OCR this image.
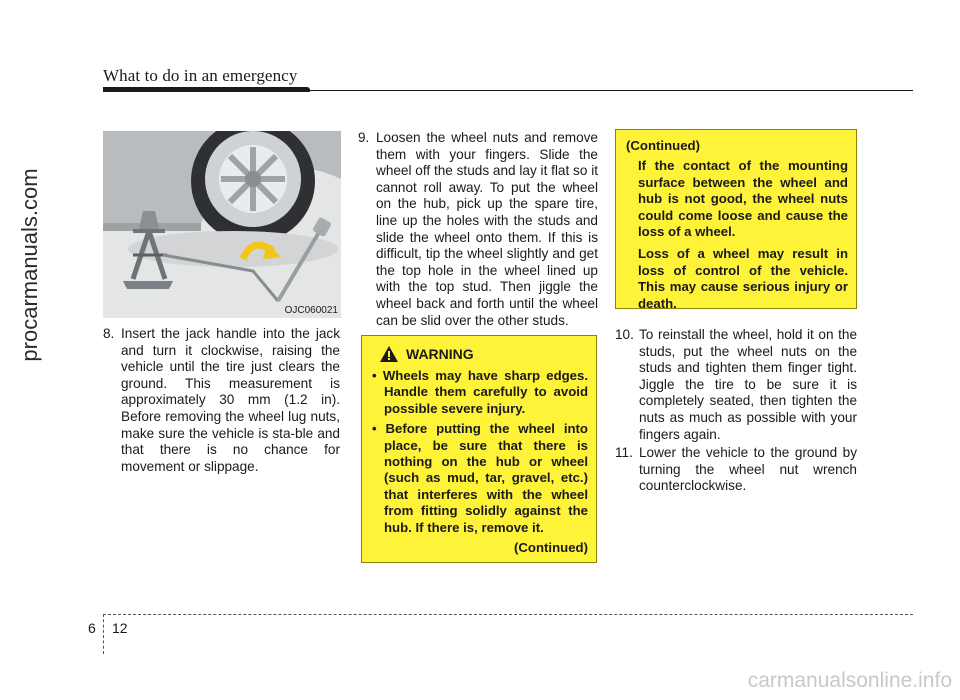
What to do in an emergency
procarmanuals.com	OJC060021

8. Insert the jack handle into the jack and turn it clockwise, raising the vehicle until the tire just clears the ground. This measurement is approximately 30 mm (1.2 in). Before removing the wheel lug nuts, make sure the vehicle is sta-ble and that there is no chance for movement or slippage.

9. Loosen the wheel nuts and remove them with your fingers. Slide the wheel off the studs and lay it flat so it cannot roll away. To put the wheel on the hub, pick up the spare tire, line up the holes with the studs and slide the wheel onto them. If this is difficult, tip the wheel slightly and get the top hole in the wheel lined up with the top stud. Then jiggle the wheel back and forth until the wheel can be slid over the other studs.

WARNING
• Wheels may have sharp edges. Handle them carefully to avoid possible severe injury.
• Before putting the wheel into place, be sure that there is nothing on the hub or wheel (such as mud, tar, gravel, etc.) that interferes with the wheel from fitting solidly against the hub. If there is, remove it.
(Continued)
(Continued)

If the contact of the mounting surface between the wheel and hub is not good, the wheel nuts could come loose and cause the loss of a wheel.

Loss of a wheel may result in loss of control of the vehicle. This may cause serious injury or death.

10. To reinstall the wheel, hold it on the studs, put the wheel nuts on the studs and tighten them finger tight. Jiggle the tire to be sure it is completely seated, then tighten the nuts as much as possible with your fingers again.

11. Lower the vehicle to the ground by turning the wheel nut wrench counterclockwise.

6 12
carmanualsonline.info
